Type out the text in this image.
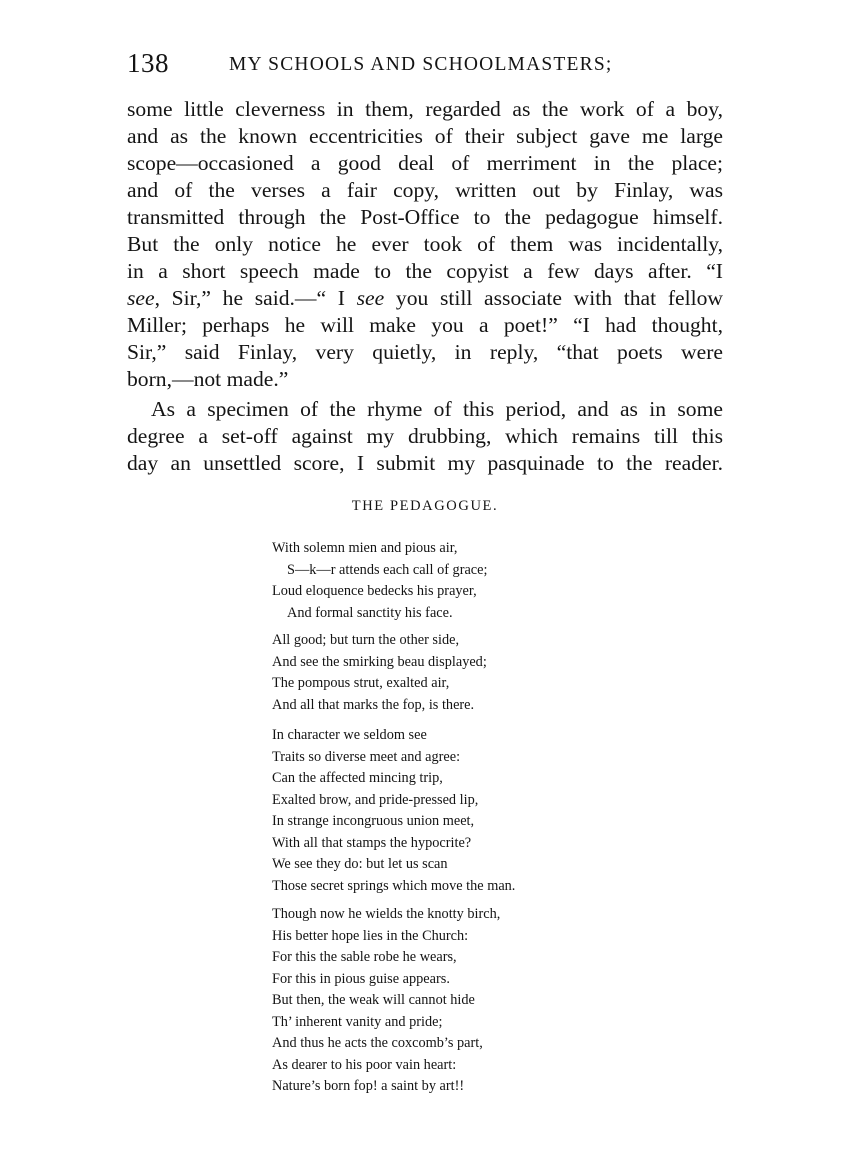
138	MY SCHOOLS AND SCHOOLMASTERS;
some little cleverness in them, regarded as the work of a boy,
and as the known eccentricities of their subject gave me large
scope—occasioned a good deal of merriment in the place;
and of the verses a fair copy, written out by Finlay, was
transmitted through the Post-Office to the pedagogue himself.
But the only notice he ever took of them was incidentally,
in a short speech made to the copyist a few days after. “I
see, Sir,” he said.—“ I see you still associate with that fellow
Miller; perhaps he will make you a poet!” “I had thought,
Sir,” said Finlay, very quietly, in reply, “that poets were
born,—not made.”
As a specimen of the rhyme of this period, and as in some
degree a set-off against my drubbing, which remains till this
day an unsettled score, I submit my pasquinade to the reader.
THE PEDAGOGUE.
With solemn mien and pious air,
S—k—r attends each call of grace;
Loud eloquence bedecks his prayer,
And formal sanctity his face.
All good; but turn the other side,
And see the smirking beau displayed;
The pompous strut, exalted air,
And all that marks the fop, is there.
In character we seldom see
Traits so diverse meet and agree:
Can the affected mincing trip,
Exalted brow, and pride-pressed lip,
In strange incongruous union meet,
With all that stamps the hypocrite?
We see they do: but let us scan
Those secret springs which move the man.
Though now he wields the knotty birch,
His better hope lies in the Church:
For this the sable robe he wears,
For this in pious guise appears.
But then, the weak will cannot hide
Th’ inherent vanity and pride;
And thus he acts the coxcomb’s part,
As dearer to his poor vain heart:
Nature’s born fop! a saint by art!!
